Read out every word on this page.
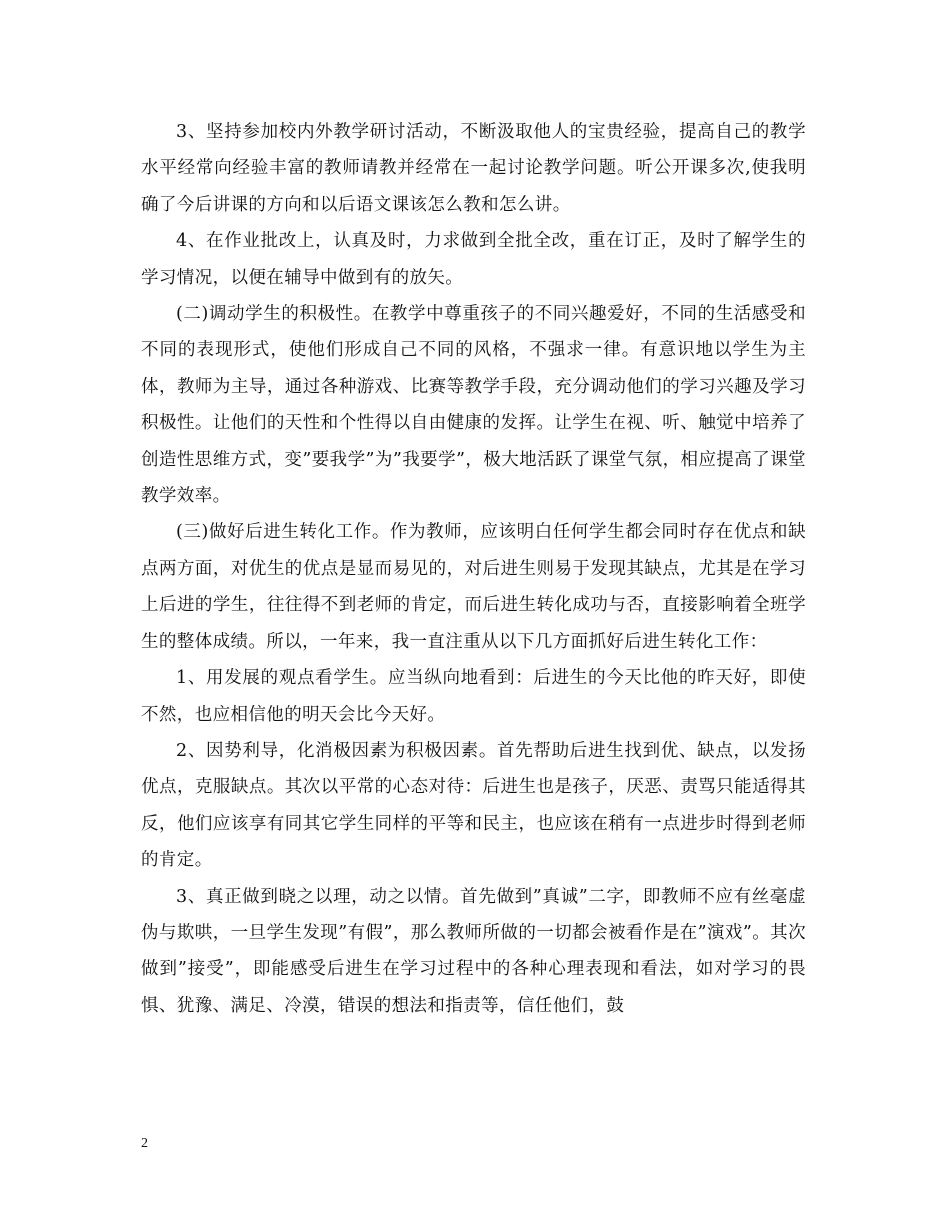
3、坚持参加校内外教学研讨活动，不断汲取他人的宝贵经验，提高自己的教学水平经常向经验丰富的教师请教并经常在一起讨论教学问题。听公开课多次,使我明确了今后讲课的方向和以后语文课该怎么教和怎么讲。

4、在作业批改上，认真及时，力求做到全批全改，重在订正，及时了解学生的学习情况，以便在辅导中做到有的放矢。

(二)调动学生的积极性。在教学中尊重孩子的不同兴趣爱好，不同的生活感受和不同的表现形式，使他们形成自己不同的风格，不强求一律。有意识地以学生为主体，教师为主导，通过各种游戏、比赛等教学手段，充分调动他们的学习兴趣及学习积极性。让他们的天性和个性得以自由健康的发挥。让学生在视、听、触觉中培养了创造性思维方式，变”要我学”为”我要学”，极大地活跃了课堂气氛，相应提高了课堂教学效率。

(三)做好后进生转化工作。作为教师，应该明白任何学生都会同时存在优点和缺点两方面，对优生的优点是显而易见的，对后进生则易于发现其缺点，尤其是在学习上后进的学生，往往得不到老师的肯定，而后进生转化成功与否，直接影响着全班学生的整体成绩。所以，一年来，我一直注重从以下几方面抓好后进生转化工作：

1、用发展的观点看学生。应当纵向地看到：后进生的今天比他的昨天好，即使不然，也应相信他的明天会比今天好。

2、因势利导，化消极因素为积极因素。首先帮助后进生找到优、缺点，以发扬优点，克服缺点。其次以平常的心态对待：后进生也是孩子，厌恶、责骂只能适得其反，他们应该享有同其它学生同样的平等和民主，也应该在稍有一点进步时得到老师的肯定。

3、真正做到晓之以理，动之以情。首先做到”真诚”二字，即教师不应有丝毫虚伪与欺哄，一旦学生发现”有假”，那么教师所做的一切都会被看作是在”演戏”。其次做到”接受”，即能感受后进生在学习过程中的各种心理表现和看法，如对学习的畏惧、犹豫、满足、冷漠，错误的想法和指责等，信任他们，鼓

2
